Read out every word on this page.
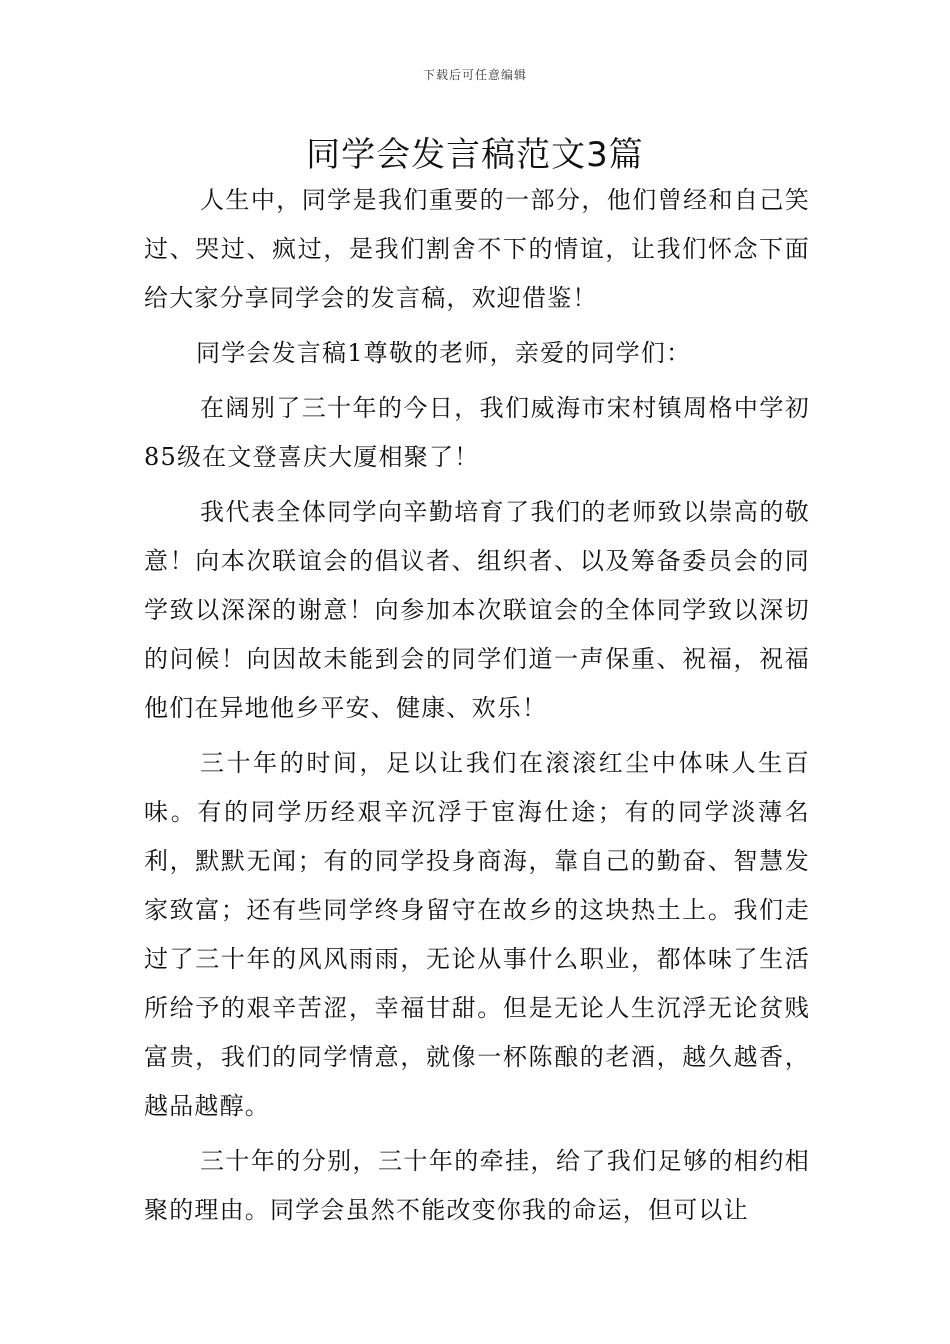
下载后可任意编辑
同学会发言稿范文3篇

人生中，同学是我们重要的一部分，他们曾经和自己笑过、哭过、疯过，是我们割舍不下的情谊，让我们怀念下面给大家分享同学会的发言稿，欢迎借鉴！

同学会发言稿1尊敬的老师，亲爱的同学们：

在阔别了三十年的今日，我们威海市宋村镇周格中学初85级在文登喜庆大厦相聚了！

我代表全体同学向辛勤培育了我们的老师致以崇高的敬意！向本次联谊会的倡议者、组织者、以及筹备委员会的同学致以深深的谢意！向参加本次联谊会的全体同学致以深切的问候！向因故未能到会的同学们道一声保重、祝福，祝福他们在异地他乡平安、健康、欢乐！

三十年的时间，足以让我们在滚滚红尘中体味人生百味。有的同学历经艰辛沉浮于宦海仕途；有的同学淡薄名利，默默无闻；有的同学投身商海，靠自己的勤奋、智慧发家致富；还有些同学终身留守在故乡的这块热土上。我们走过了三十年的风风雨雨，无论从事什么职业，都体味了生活所给予的艰辛苦涩，幸福甘甜。但是无论人生沉浮无论贫贱富贵，我们的同学情意，就像一杯陈酿的老酒，越久越香，越品越醇。

三十年的分别，三十年的牵挂，给了我们足够的相约相聚的理由。同学会虽然不能改变你我的命运，但可以让
